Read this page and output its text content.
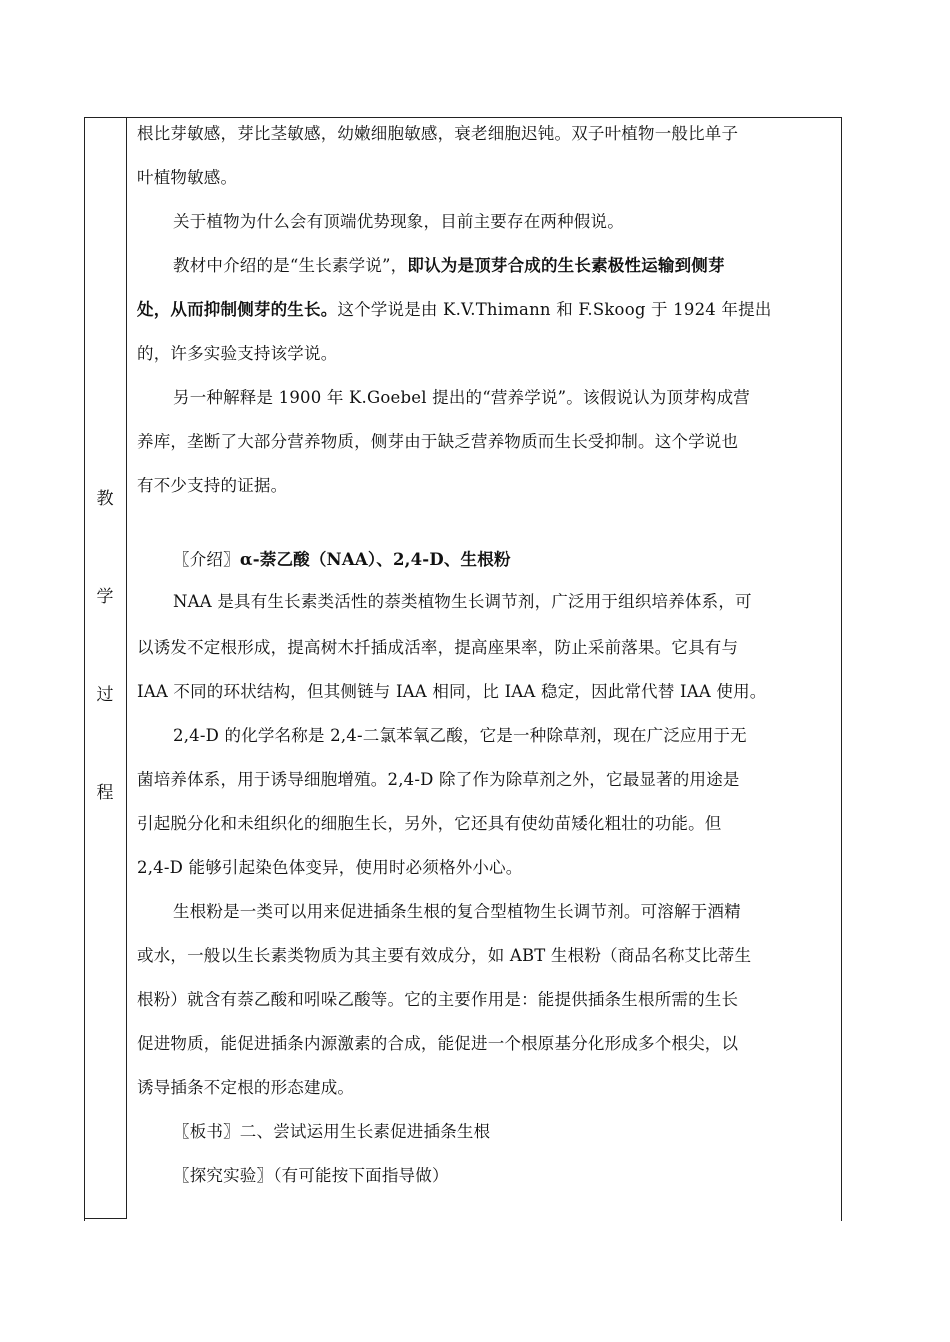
教
学
过
程
根比芽敏感，芽比茎敏感，幼嫩细胞敏感，衰老细胞迟钝。双子叶植物一般比单子
叶植物敏感。
关于植物为什么会有顶端优势现象，目前主要存在两种假说。
教材中介绍的是“生长素学说”，即认为是顶芽合成的生长素极性运输到侧芽
处，从而抑制侧芽的生长。这个学说是由 K.V.Thimann 和 F.Skoog 于 1924 年提出
的，许多实验支持该学说。
另一种解释是 1900 年 K.Goebel 提出的“营养学说”。该假说认为顶芽构成营
养库，垄断了大部分营养物质，侧芽由于缺乏营养物质而生长受抑制。这个学说也
有不少支持的证据。
〖介绍〗α-萘乙酸（NAA）、2,4-D、生根粉
NAA 是具有生长素类活性的萘类植物生长调节剂，广泛用于组织培养体系，可
以诱发不定根形成，提高树木扦插成活率，提高座果率，防止采前落果。它具有与
IAA 不同的环状结构，但其侧链与 IAA 相同，比 IAA 稳定，因此常代替 IAA 使用。
2,4-D 的化学名称是 2,4-二氯苯氧乙酸，它是一种除草剂，现在广泛应用于无
菌培养体系，用于诱导细胞增殖。2,4-D 除了作为除草剂之外，它最显著的用途是
引起脱分化和未组织化的细胞生长，另外，它还具有使幼苗矮化粗壮的功能。但
2,4-D 能够引起染色体变异，使用时必须格外小心。
生根粉是一类可以用来促进插条生根的复合型植物生长调节剂。可溶解于酒精
或水，一般以生长素类物质为其主要有效成分，如 ABT 生根粉（商品名称艾比蒂生
根粉）就含有萘乙酸和吲哚乙酸等。它的主要作用是：能提供插条生根所需的生长
促进物质，能促进插条内源激素的合成，能促进一个根原基分化形成多个根尖，以
诱导插条不定根的形态建成。
〖板书〗二、尝试运用生长素促进插条生根
〖探究实验〗（有可能按下面指导做）
